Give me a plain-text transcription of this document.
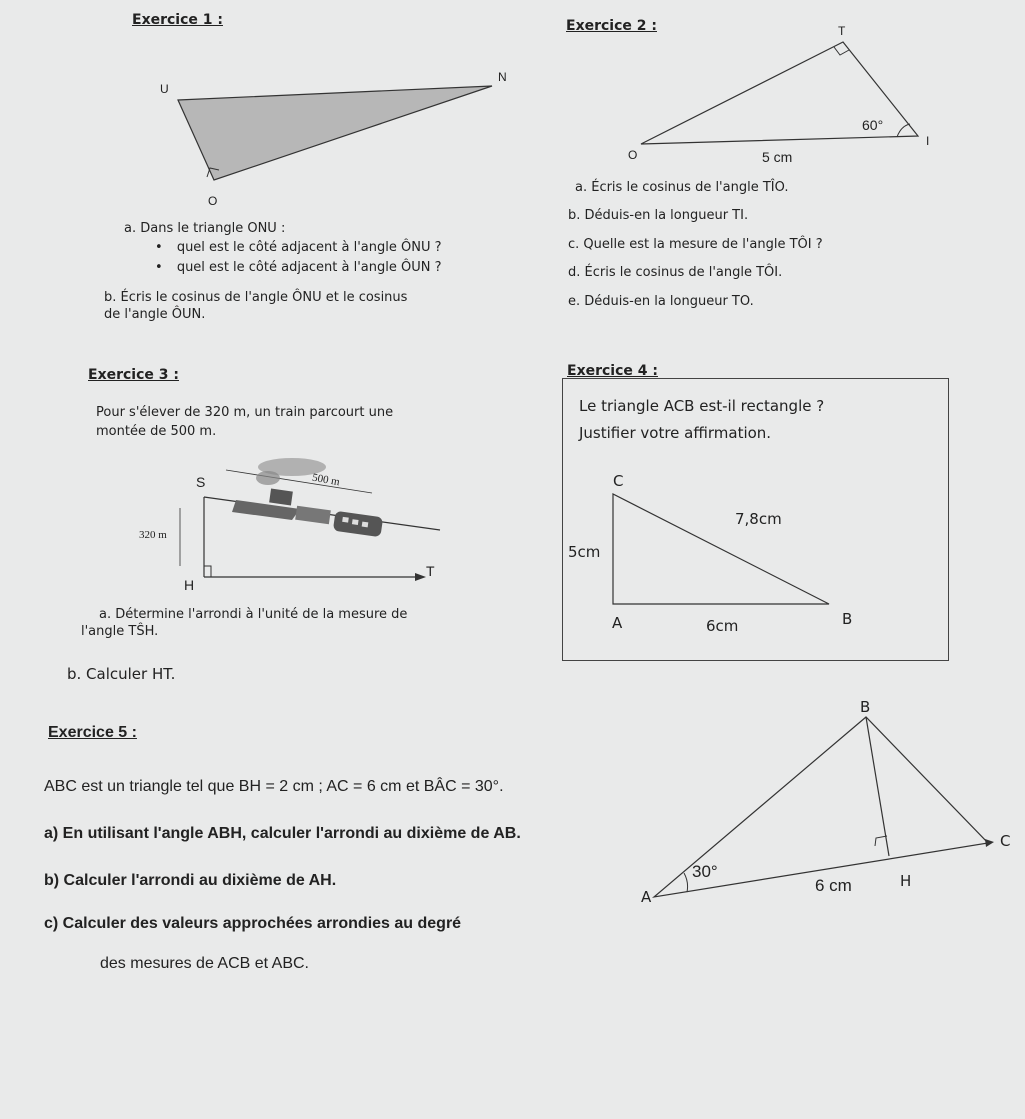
Exercice 1 :
U
N
O
a. Dans le triangle ONU :
• quel est le côté adjacent à l'angle ÔNU ?
• quel est le côté adjacent à l'angle ÔUN ?
b. Écris le cosinus de l'angle ÔNU et le cosinus
de l'angle ÔUN.
Exercice 2 :	T
O
I
60°
5 cm
a. Écris le cosinus de l'angle TÎO.
b. Déduis-en la longueur TI.
c. Quelle est la mesure de l'angle TÔI ?
d. Écris le cosinus de l'angle TÔI.
e. Déduis-en la longueur TO.
Exercice 3 :
Pour s'élever de 320 m, un train parcourt une
montée de 500 m.
S
H
T
320 m
500 m
a. Détermine l'arrondi à l'unité de la mesure de
l'angle TŜH.
b. Calculer HT.
Exercice 4 :
Le triangle ACB est-il rectangle ?
Justifier votre affirmation.
C
A	B
5cm
6cm
7,8cm
Exercice 5 :
ABC est un triangle tel que BH = 2 cm ; AC = 6 cm et BÂC = 30°.
a) En utilisant l'angle ABH, calculer l'arrondi au dixième de AB.
b) Calculer l'arrondi au dixième de AH.
c) Calculer des valeurs approchées arrondies au degré
des mesures de ACB et ABC.
B
C
A
H
30°
6 cm
